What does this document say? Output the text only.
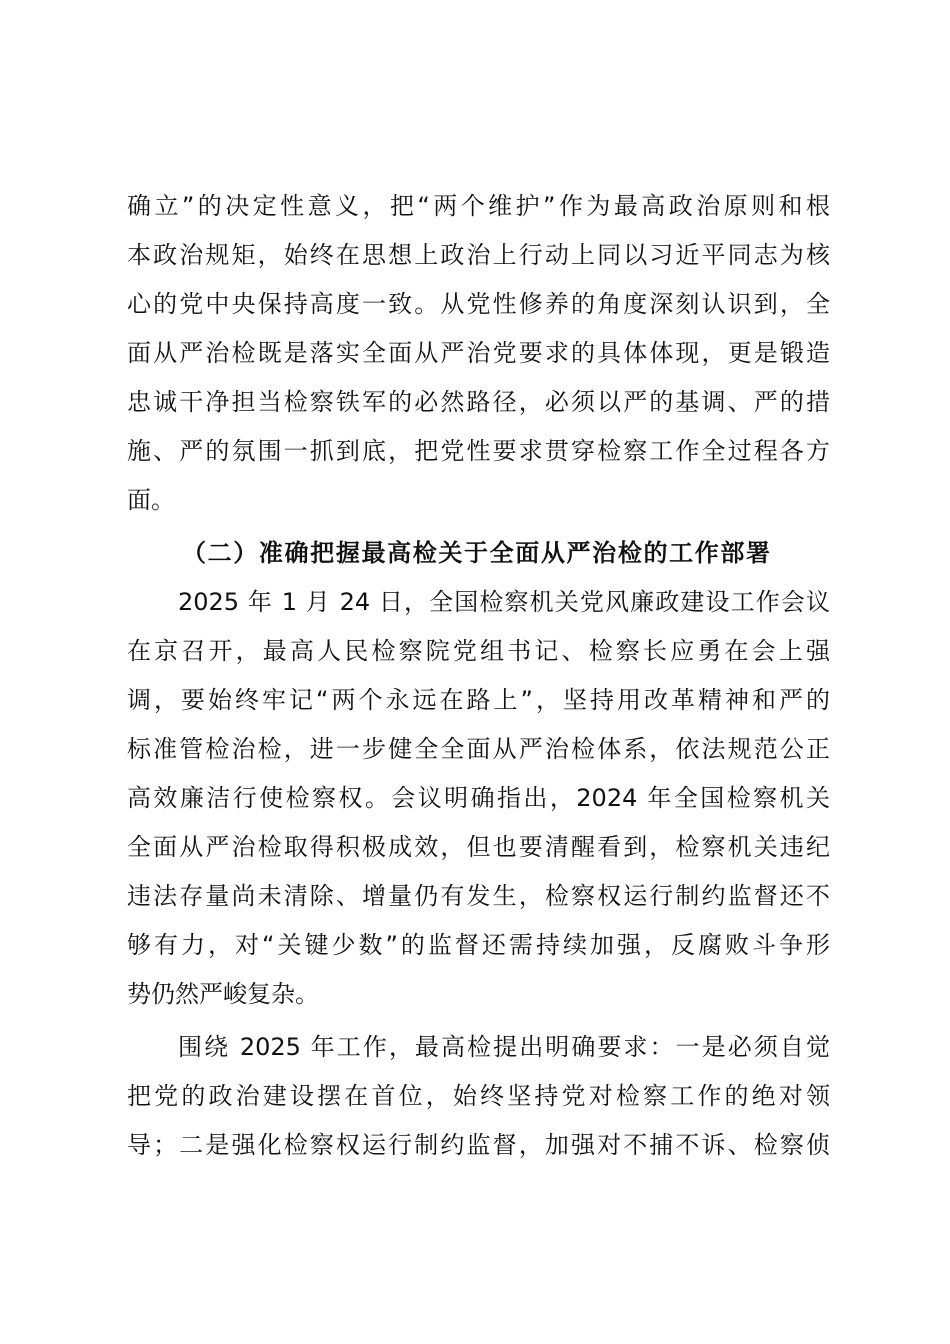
确立”的决定性意义，把“两个维护”作为最高政治原则和根
本政治规矩，始终在思想上政治上行动上同以习近平同志为核
心的党中央保持高度一致。从党性修养的角度深刻认识到，全
面从严治检既是落实全面从严治党要求的具体体现，更是锻造
忠诚干净担当检察铁军的必然路径，必须以严的基调、严的措
施、严的氛围一抓到底，把党性要求贯穿检察工作全过程各方
面。
（二）准确把握最高检关于全面从严治检的工作部署
2025 年 1 月 24 日，全国检察机关党风廉政建设工作会议
在京召开，最高人民检察院党组书记、检察长应勇在会上强
调，要始终牢记“两个永远在路上”，坚持用改革精神和严的
标准管检治检，进一步健全全面从严治检体系，依法规范公正
高效廉洁行使检察权。会议明确指出，2024 年全国检察机关
全面从严治检取得积极成效，但也要清醒看到，检察机关违纪
违法存量尚未清除、增量仍有发生，检察权运行制约监督还不
够有力，对“关键少数”的监督还需持续加强，反腐败斗争形
势仍然严峻复杂。
围绕 2025 年工作，最高检提出明确要求：一是必须自觉
把党的政治建设摆在首位，始终坚持党对检察工作的绝对领
导；二是强化检察权运行制约监督，加强对不捕不诉、检察侦
